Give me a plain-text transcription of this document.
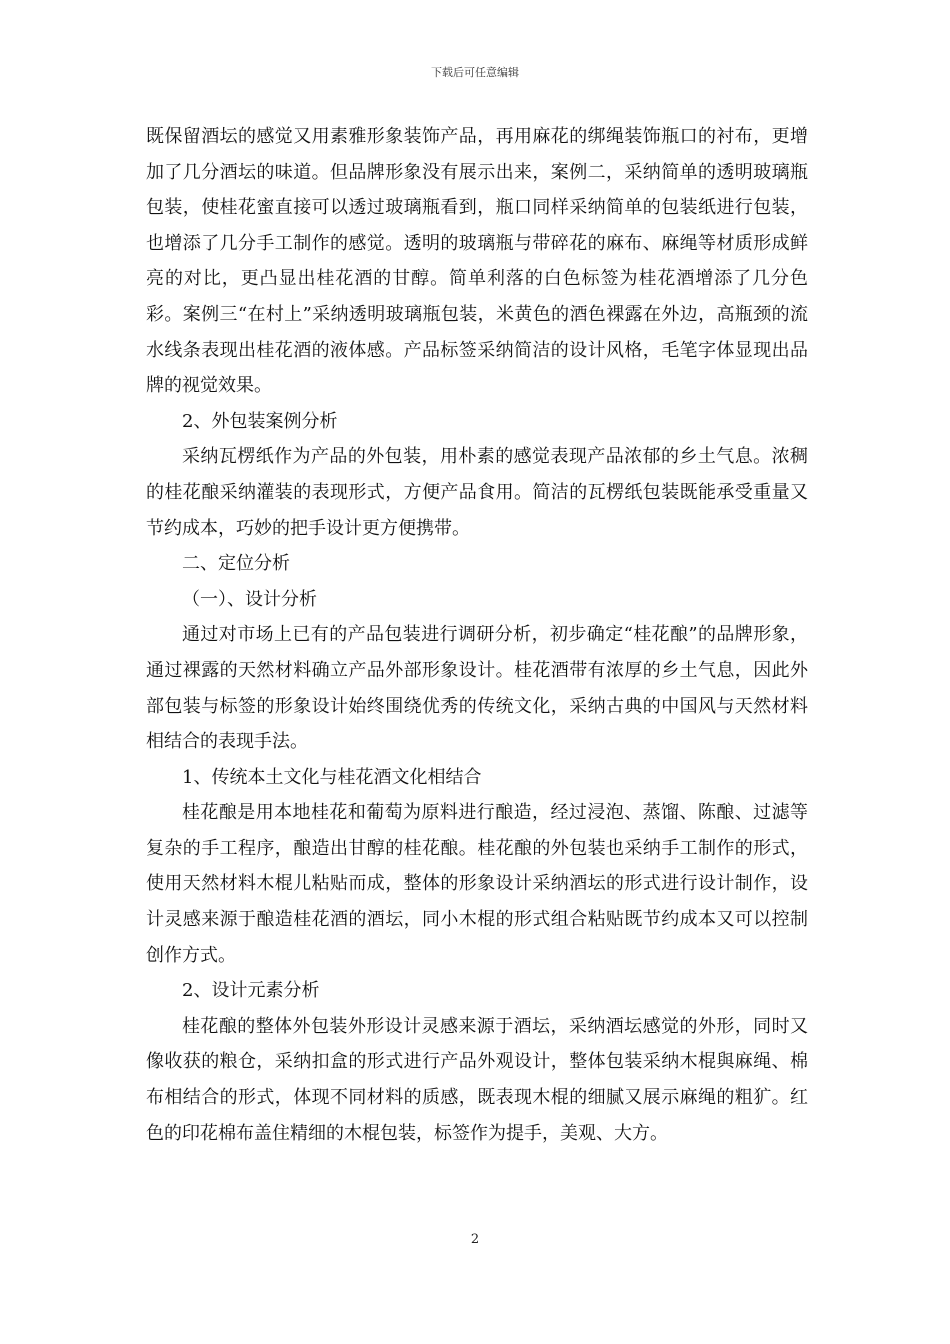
下载后可任意编辑

既保留酒坛的感觉又用素雅形象装饰产品，再用麻花的绑绳装饰瓶口的衬布，更增加了几分酒坛的味道。但品牌形象没有展示出来，案例二，采纳简单的透明玻璃瓶包装，使桂花蜜直接可以透过玻璃瓶看到，瓶口同样采纳简单的包装纸进行包装，也增添了几分手工制作的感觉。透明的玻璃瓶与带碎花的麻布、麻绳等材质形成鲜亮的对比，更凸显出桂花酒的甘醇。简单利落的白色标签为桂花酒增添了几分色彩。案例三“在村上”采纳透明玻璃瓶包装，米黄色的酒色裸露在外边，高瓶颈的流水线条表现出桂花酒的液体感。产品标签采纳简洁的设计风格，毛笔字体显现出品牌的视觉效果。

2、外包装案例分析

采纳瓦楞纸作为产品的外包装，用朴素的感觉表现产品浓郁的乡土气息。浓稠的桂花酿采纳灌装的表现形式，方便产品食用。简洁的瓦楞纸包装既能承受重量又节约成本，巧妙的把手设计更方便携带。

二、定位分析

（一）、设计分析

通过对市场上已有的产品包装进行调研分析，初步确定“桂花酿”的品牌形象，通过裸露的天然材料确立产品外部形象设计。桂花酒带有浓厚的乡土气息，因此外部包装与标签的形象设计始终围绕优秀的传统文化，采纳古典的中国风与天然材料相结合的表现手法。

1、传统本土文化与桂花酒文化相结合

桂花酿是用本地桂花和葡萄为原料进行酿造，经过浸泡、蒸馏、陈酿、过滤等复杂的手工程序，酿造出甘醇的桂花酿。桂花酿的外包装也采纳手工制作的形式，使用天然材料木棍儿粘贴而成，整体的形象设计采纳酒坛的形式进行设计制作，设计灵感来源于酿造桂花酒的酒坛，同小木棍的形式组合粘贴既节约成本又可以控制创作方式。

2、设计元素分析

桂花酿的整体外包装外形设计灵感来源于酒坛，采纳酒坛感觉的外形，同时又像收获的粮仓，采纳扣盒的形式进行产品外观设计，整体包装采纳木棍與麻绳、棉布相结合的形式，体现不同材料的质感，既表现木棍的细腻又展示麻绳的粗犷。红色的印花棉布盖住精细的木棍包装，标签作为提手，美观、大方。

2
